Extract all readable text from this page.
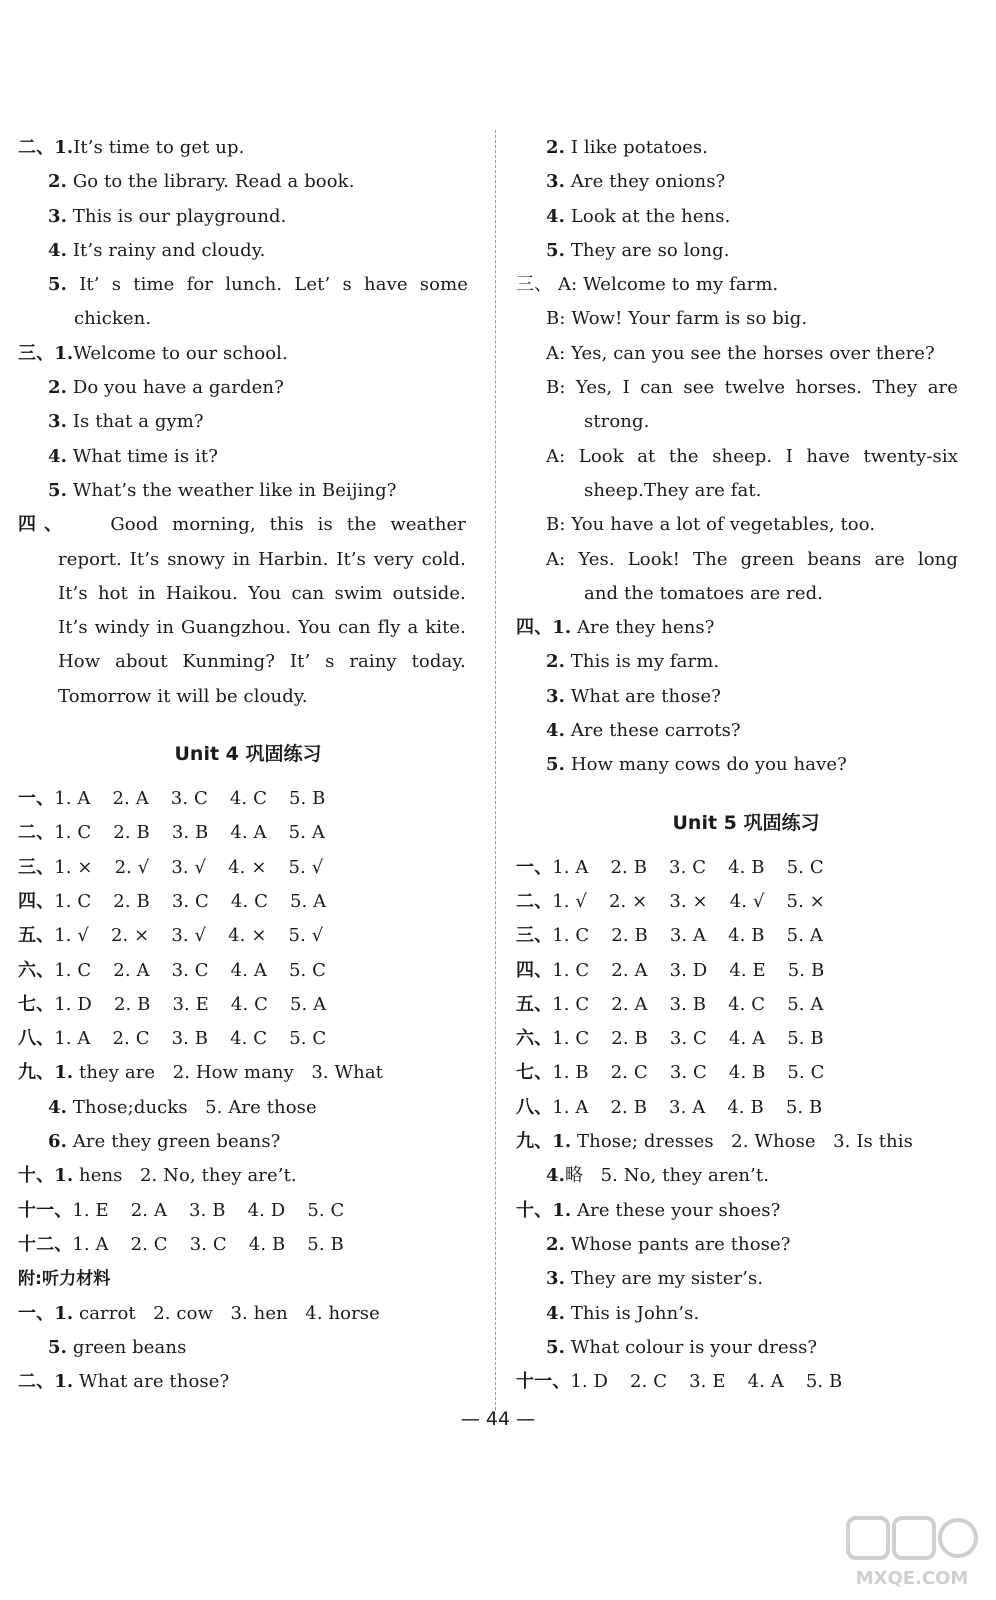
二、1.It’s time to get up.
2. Go to the library. Read a book.
3. This is our playground.
4. It’s rainy and cloudy.
5. It’ s time for lunch. Let’ s have some
chicken.
三、1.Welcome to our school.
2. Do you have a garden?
3. Is that a gym?
4. What time is it?
5. What’s the weather like in Beijing?
四、 Good morning, this is the weather
report. It’s snowy in Harbin. It’s very cold.
It’s hot in Haikou. You can swim outside.
It’s windy in Guangzhou. You can fly a kite.
How about Kunming? It’ s rainy today.
Tomorrow it will be cloudy.
Unit 4 巩固练习
一、1. A 2. A 3. C 4. C 5. B
二、1. C 2. B 3. B 4. A 5. A
三、1. × 2. √ 3. √ 4. × 5. √
四、1. C 2. B 3. C 4. C 5. A
五、1. √ 2. × 3. √ 4. × 5. √
六、1. C 2. A 3. C 4. A 5. C
七、1. D 2. B 3. E 4. C 5. A
八、1. A 2. C 3. B 4. C 5. C
九、1. they are   2. How many   3. What
4. Those;ducks   5. Are those
6. Are they green beans?
十、1. hens   2. No, they are’t.
十一、1. E 2. A 3. B 4. D 5. C
十二、1. A 2. C 3. C 4. B 5. B
附:听力材料
一、1. carrot   2. cow   3. hen   4. horse
5. green beans
二、1. What are those?
2. I like potatoes.
3. Are they onions?
4. Look at the hens.
5. They are so long.
三、 A: Welcome to my farm.
B: Wow! Your farm is so big.
A: Yes, can you see the horses over there?
B: Yes, I can see twelve horses. They are
strong.
A: Look at the sheep. I have twenty-six
sheep.They are fat.
B: You have a lot of vegetables, too.
A: Yes. Look! The green beans are long
and the tomatoes are red.
四、1. Are they hens?
2. This is my farm.
3. What are those?
4. Are these carrots?
5. How many cows do you have?
Unit 5 巩固练习
一、1. A 2. B 3. C 4. B 5. C
二、1. √ 2. × 3. × 4. √ 5. ×
三、1. C 2. B 3. A 4. B 5. A
四、1. C 2. A 3. D 4. E 5. B
五、1. C 2. A 3. B 4. C 5. A
六、1. C 2. B 3. C 4. A 5. B
七、1. B 2. C 3. C 4. B 5. C
八、1. A 2. B 3. A 4. B 5. B
九、1. Those; dresses   2. Whose   3. Is this
4.略   5. No, they aren’t.
十、1. Are these your shoes?
2. Whose pants are those?
3. They are my sister’s.
4. This is John’s.
5. What colour is your dress?
十一、1. D 2. C 3. E 4. A 5. B
— 44 —
MXQE.COM
